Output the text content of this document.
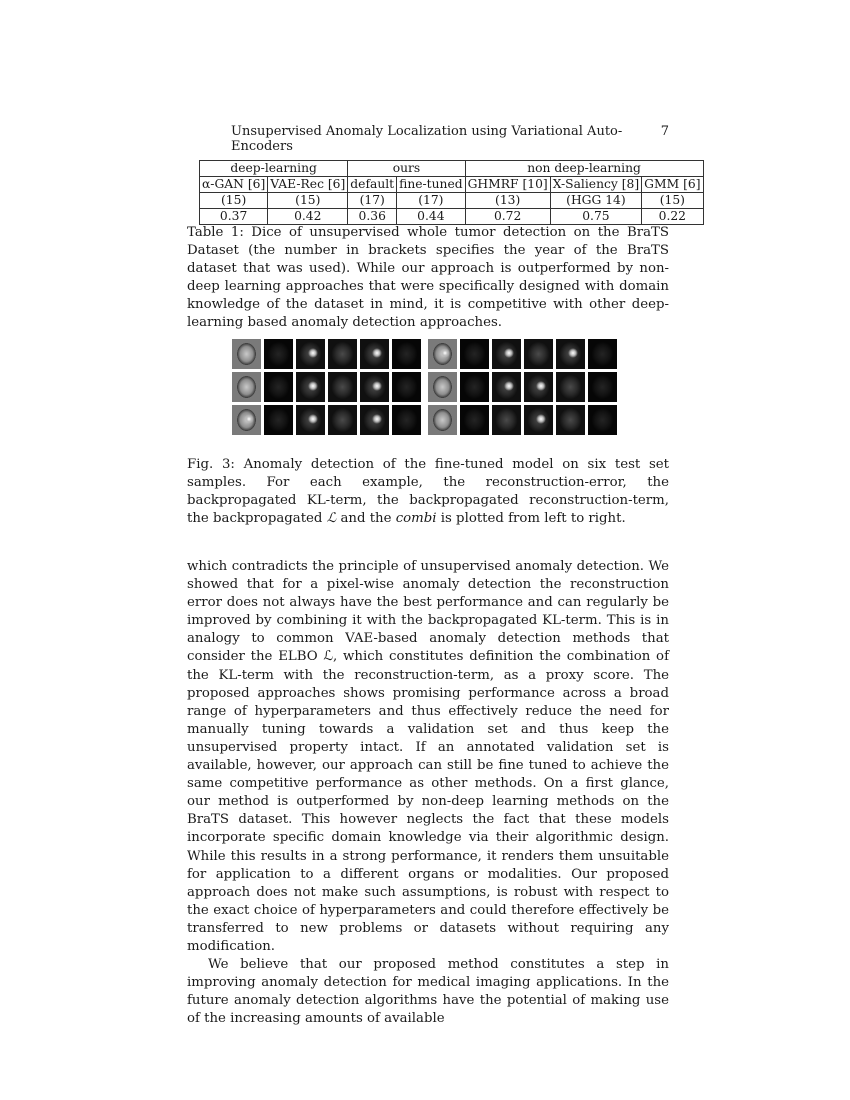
Unsupervised Anomaly Localization using Variational Auto-Encoders
7
deep-learning		ours		non deep-learning		
α-GAN [6]	VAE-Rec [6]	default	fine-tuned	GHMRF [10]	X-Saliency [8]	GMM [6]
(15)	(15)	(17)	(17)	(13)	(HGG 14)	(15)
0.37	0.42	0.36	0.44	0.72	0.75	0.22
Table 1: Dice of unsupervised whole tumor detection on the BraTS Dataset (the number in brackets specifies the year of the BraTS dataset that was used). While our approach is outperformed by non-deep learning approaches that were specifically designed with domain knowledge of the dataset in mind, it is competitive with other deep-learning based anomaly detection approaches.
Fig. 3: Anomaly detection of the fine-tuned model on six test set samples. For each example, the reconstruction-error, the backpropagated KL-term, the backpropagated reconstruction-term, the backpropagated ℒ and the combi is plotted from left to right.

which contradicts the principle of unsupervised anomaly detection. We showed that for a pixel-wise anomaly detection the reconstruction error does not always have the best performance and can regularly be improved by combining it with the backpropagated KL-term. This is in analogy to common VAE-based anomaly detection methods that consider the ELBO ℒ, which constitutes definition the combination of the KL-term with the reconstruction-term, as a proxy score. The proposed approaches shows promising performance across a broad range of hyperparameters and thus effectively reduce the need for manually tuning towards a validation set and thus keep the unsupervised property intact. If an annotated validation set is available, however, our approach can still be fine tuned to achieve the same competitive performance as other methods. On a first glance, our method is outperformed by non-deep learning methods on the BraTS dataset. This however neglects the fact that these models incorporate specific domain knowledge via their algorithmic design. While this results in a strong performance, it renders them unsuitable for application to a different organs or modalities. Our proposed approach does not make such assumptions, is robust with respect to the exact choice of hyperparameters and could therefore effectively be transferred to new problems or datasets without requiring any modification.

We believe that our proposed method constitutes a step in improving anomaly detection for medical imaging applications. In the future anomaly detection algorithms have the potential of making use of the increasing amounts of available
